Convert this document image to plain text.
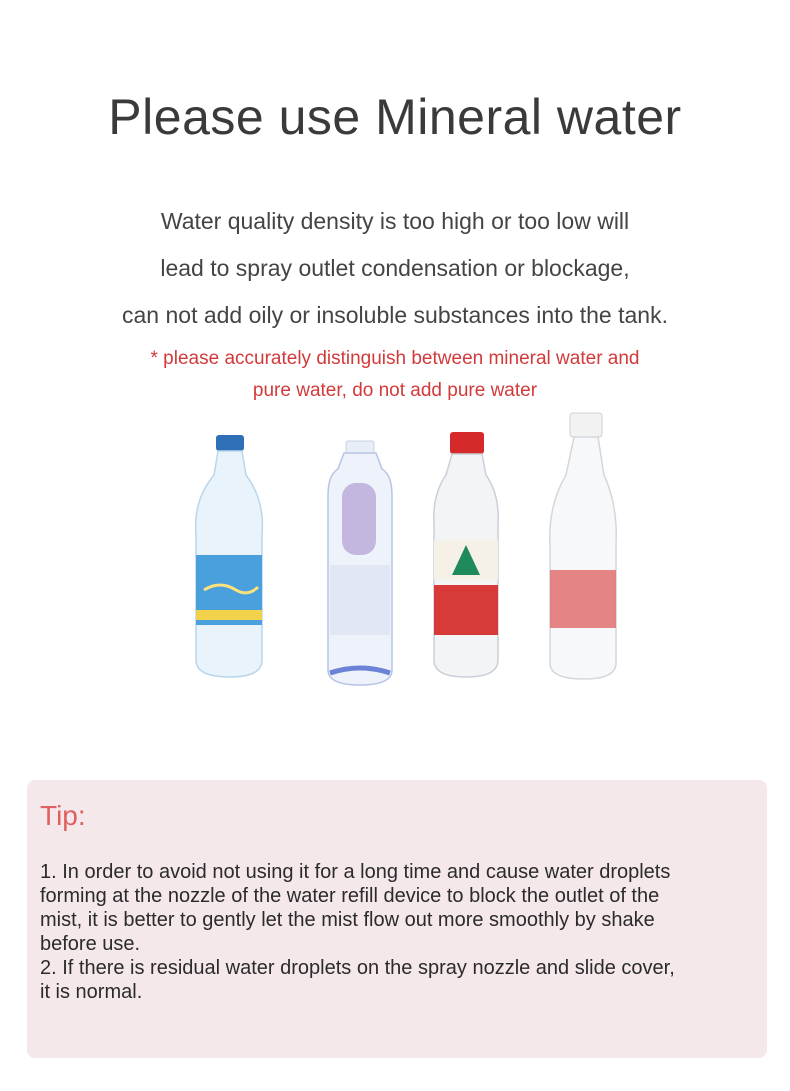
Please use Mineral water
Water quality density is too high or too low will
lead to spray outlet condensation or blockage,
can not add oily or insoluble substances into the tank.
* please accurately distinguish between mineral water and
pure water, do not add pure water
Tip:
1. In order to avoid not using it for a long time and cause water droplets
forming at the nozzle of the water refill device to block the outlet of the
mist, it is better to gently let the mist flow out more smoothly by shake
before use.
2. If there is residual water droplets on the spray nozzle and slide cover,
it is normal.
